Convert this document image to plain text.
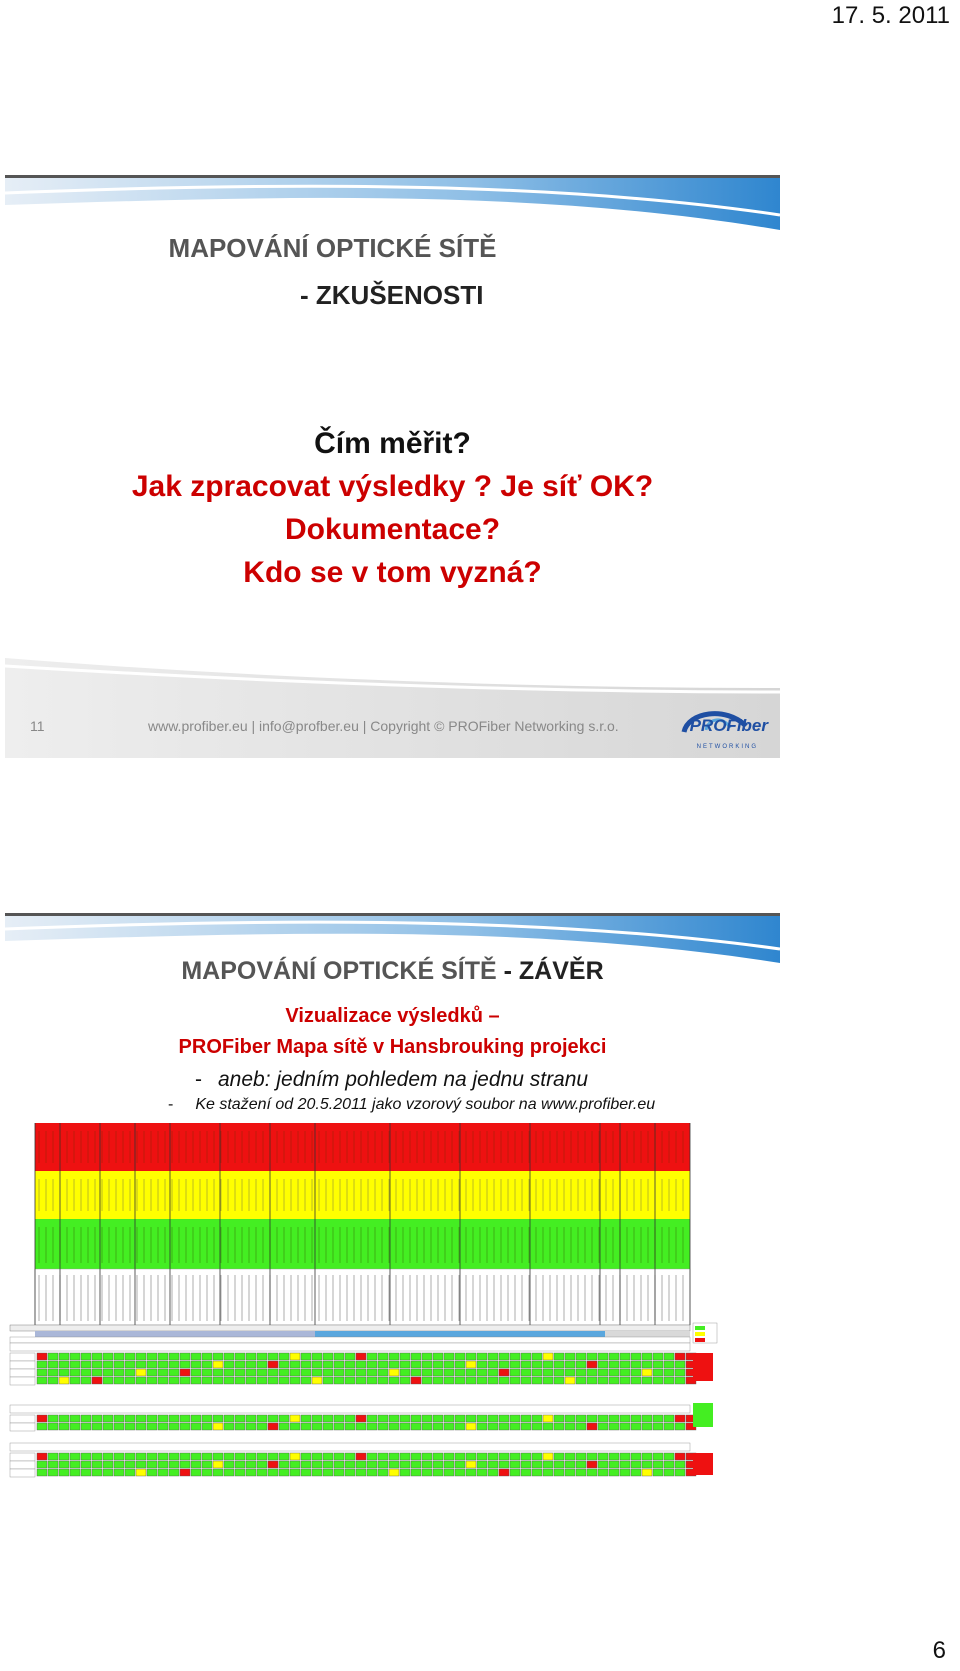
17. 5. 2011
MAPOVÁNÍ OPTICKÉ SÍTĚ
- ZKUŠENOSTI
Čím měřit?
Jak zpracovat výsledky ? Je síť OK?
Dokumentace?
Kdo se v tom vyzná?
11	www.profiber.eu | info@profber.eu | Copyright © PROFiber Networking s.r.o.	PROFiber
NETWORKING
MAPOVÁNÍ OPTICKÉ SÍTĚ - ZÁVĚR
Vizualizace výsledků –
PROFiber Mapa sítě v Hansbrouking projekci
- aneb: jedním pohledem na jednu stranu
- Ke stažení od 20.5.2011 jako vzorový soubor na www.profiber.eu
6
